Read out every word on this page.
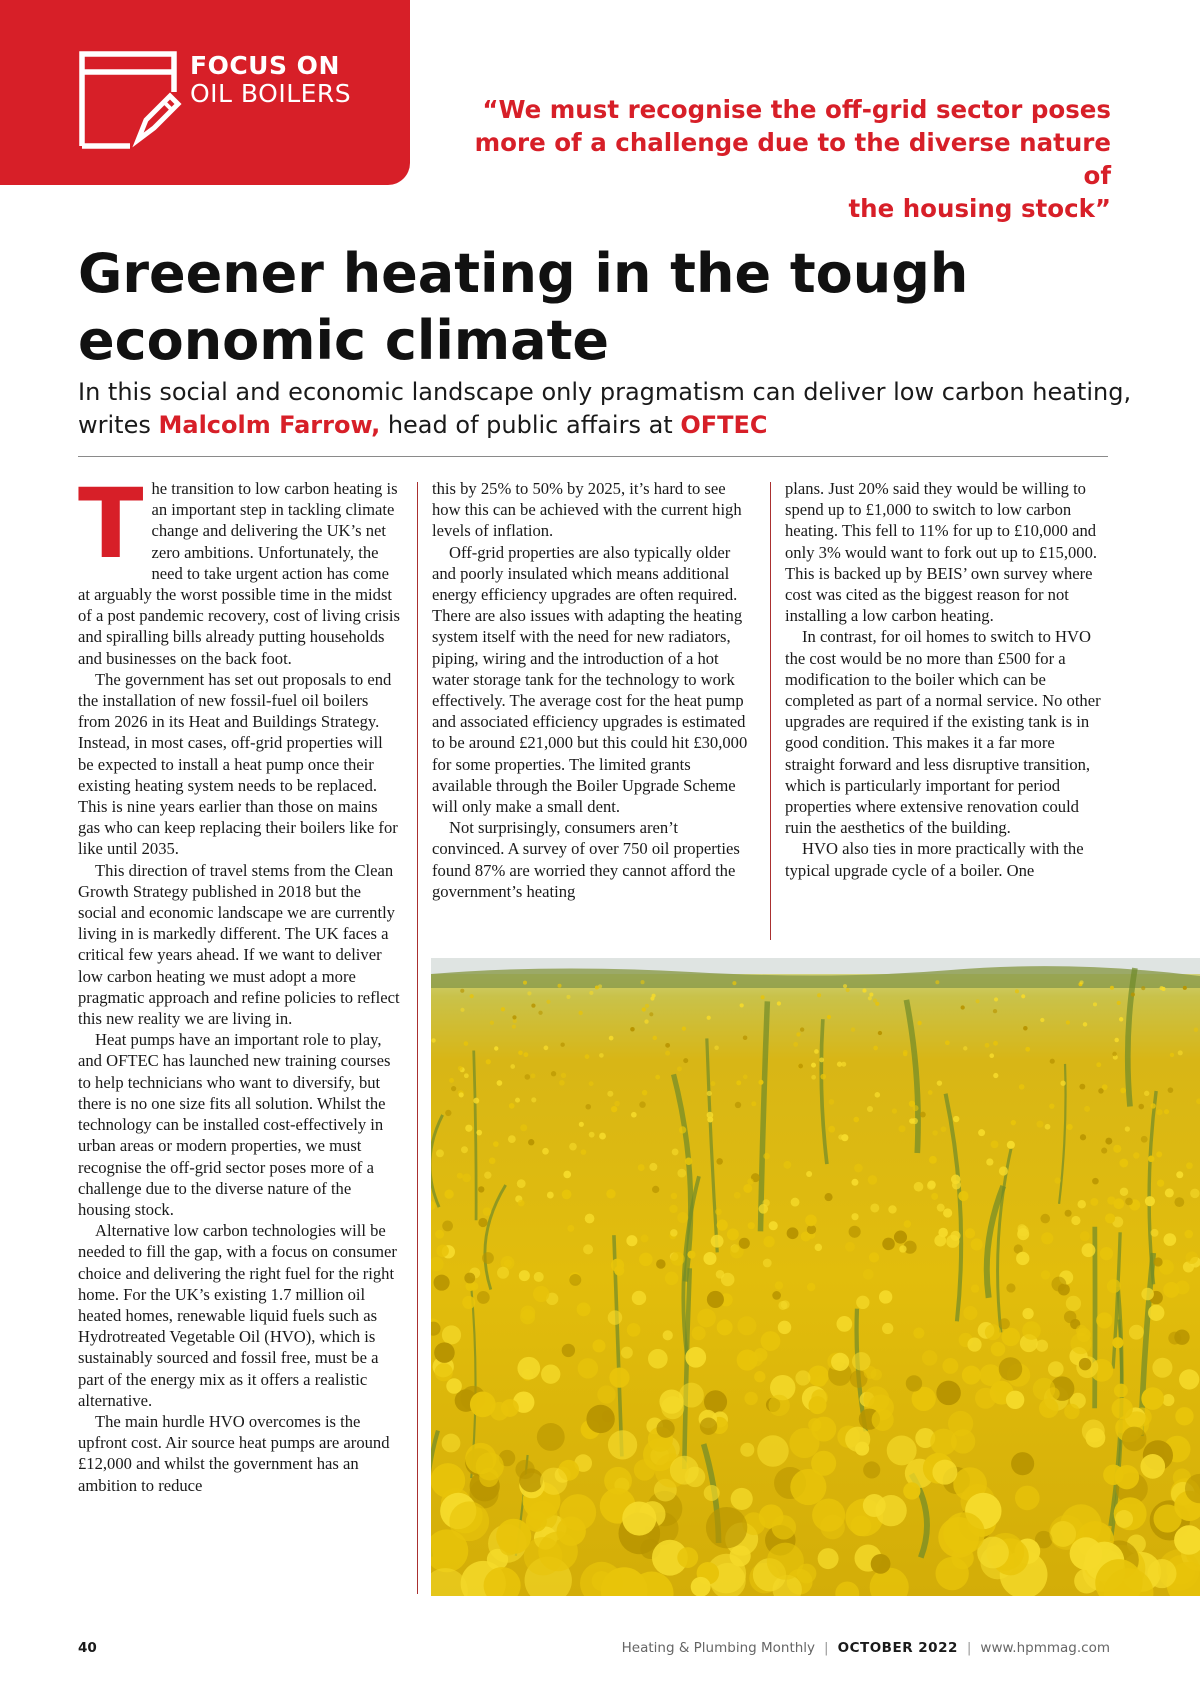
FOCUS ON
OIL BOILERS
“We must recognise the off-grid sector poses
more of a challenge due to the diverse nature of
the housing stock”
Greener heating in the tough
economic climate
In this social and economic landscape only pragmatism can deliver low carbon heating, writes Malcolm Farrow, head of public affairs at OFTEC

The transition to low carbon heating is an important step in tackling climate change and delivering the UK’s net zero ambitions. Unfortunately, the need to take urgent action has come at arguably the worst possible time in the midst of a post pandemic recovery, cost of living crisis and spiralling bills already putting households and businesses on the back foot.

The government has set out proposals to end the installation of new fossil-fuel oil boilers from 2026 in its Heat and Buildings Strategy. Instead, in most cases, off-grid properties will be expected to install a heat pump once their existing heating system needs to be replaced. This is nine years earlier than those on mains gas who can keep replacing their boilers like for like until 2035.

This direction of travel stems from the Clean Growth Strategy published in 2018 but the social and economic landscape we are currently living in is markedly different. The UK faces a critical few years ahead. If we want to deliver low carbon heating we must adopt a more pragmatic approach and refine policies to reflect this new reality we are living in.

Heat pumps have an important role to play, and OFTEC has launched new training courses to help technicians who want to diversify, but there is no one size fits all solution. Whilst the technology can be installed cost-effectively in urban areas or modern properties, we must recognise the off-grid sector poses more of a challenge due to the diverse nature of the housing stock.

Alternative low carbon technologies will be needed to fill the gap, with a focus on consumer choice and delivering the right fuel for the right home. For the UK’s existing 1.7 million oil heated homes, renewable liquid fuels such as Hydrotreated Vegetable Oil (HVO), which is sustainably sourced and fossil free, must be a part of the energy mix as it offers a realistic alternative.

The main hurdle HVO overcomes is the upfront cost. Air source heat pumps are around £12,000 and whilst the government has an ambition to reduce

this by 25% to 50% by 2025, it’s hard to see how this can be achieved with the current high levels of inflation.

Off-grid properties are also typically older and poorly insulated which means additional energy efficiency upgrades are often required. There are also issues with adapting the heating system itself with the need for new radiators, piping, wiring and the introduction of a hot water storage tank for the technology to work effectively. The average cost for the heat pump and associated efficiency upgrades is estimated to be around £21,000 but this could hit £30,000 for some properties. The limited grants available through the Boiler Upgrade Scheme will only make a small dent.

Not surprisingly, consumers aren’t convinced. A survey of over 750 oil properties found 87% are worried they cannot afford the government’s heating

plans. Just 20% said they would be willing to spend up to £1,000 to switch to low carbon heating. This fell to 11% for up to £10,000 and only 3% would want to fork out up to £15,000. This is backed up by BEIS’ own survey where cost was cited as the biggest reason for not installing a low carbon heating.

In contrast, for oil homes to switch to HVO the cost would be no more than £500 for a modification to the boiler which can be completed as part of a normal service. No other upgrades are required if the existing tank is in good condition. This makes it a far more straight forward and less disruptive transition, which is particularly important for period properties where extensive renovation could ruin the aesthetics of the building.

HVO also ties in more practically with the typical upgrade cycle of a boiler. One

40	Heating & Plumbing Monthly | OCTOBER 2022 | www.hpmmag.com
